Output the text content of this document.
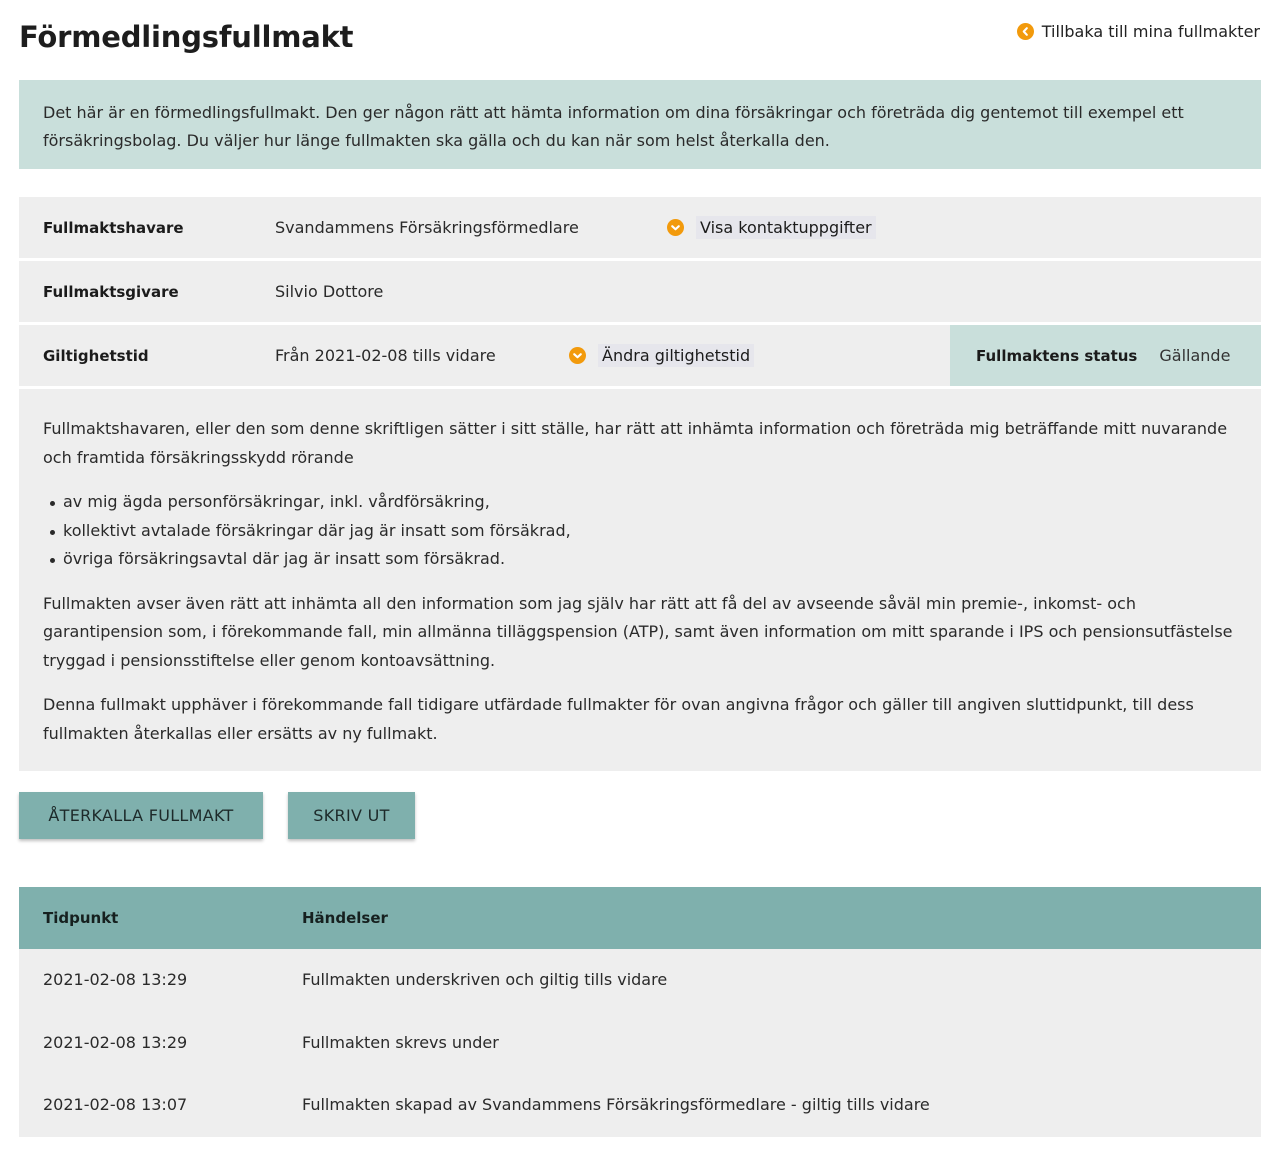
Förmedlingsfullmakt	Tillbaka till mina fullmakter

Det här är en förmedlingsfullmakt. Den ger någon rätt att hämta information om dina försäkringar och företräda dig gentemot till exempel ett försäkringsbolag. Du väljer hur länge fullmakten ska gälla och du kan när som helst återkalla den.

Fullmaktshavare	Svandammens Försäkringsförmedlare	Visa kontaktuppgifter
Fullmaktsgivare	Silvio Dottore
Giltighetstid	Från 2021-02-08 tills vidare	Ändra giltighetstid	Fullmaktens status Gällande

Fullmaktshavaren, eller den som denne skriftligen sätter i sitt ställe, har rätt att inhämta information och företräda mig beträffande mitt nuvarande och framtida försäkringsskydd rörande

av mig ägda personförsäkringar, inkl. vårdförsäkring,
kollektivt avtalade försäkringar där jag är insatt som försäkrad,
övriga försäkringsavtal där jag är insatt som försäkrad.

Fullmakten avser även rätt att inhämta all den information som jag själv har rätt att få del av avseende såväl min premie-, inkomst- och garantipension som, i förekommande fall, min allmänna tilläggspension (ATP), samt även information om mitt sparande i IPS och pensionsutfästelse tryggad i pensionsstiftelse eller genom kontoavsättning.

Denna fullmakt upphäver i förekommande fall tidigare utfärdade fullmakter för ovan angivna frågor och gäller till angiven sluttidpunkt, till dess fullmakten återkallas eller ersätts av ny fullmakt.

ÅTERKALLA FULLMAKT	SKRIV UT
Tidpunkt	Händelser
2021-02-08 13:29	Fullmakten underskriven och giltig tills vidare
2021-02-08 13:29	Fullmakten skrevs under
2021-02-08 13:07	Fullmakten skapad av Svandammens Försäkringsförmedlare - giltig tills vidare
